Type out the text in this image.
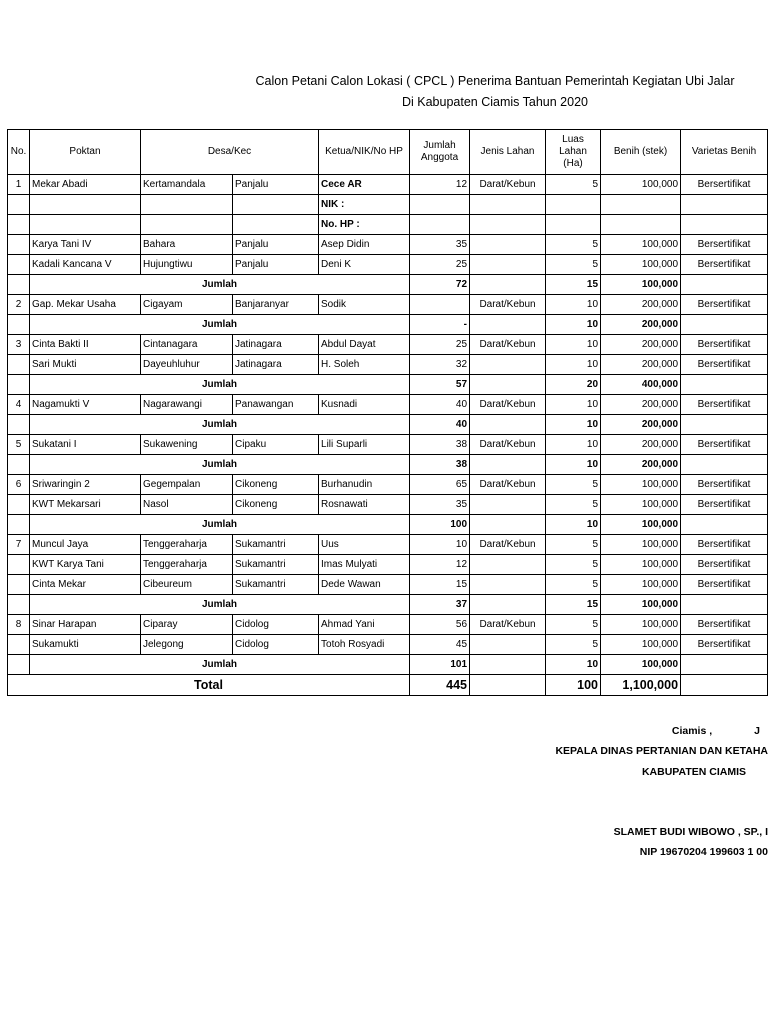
Calon Petani Calon Lokasi ( CPCL ) Penerima Bantuan Pemerintah Kegiatan Ubi Jalar
Di Kabupaten Ciamis Tahun 2020
No.	Poktan	Desa/Kec		Ketua/NIK/No HP	Jumlah Anggota	Jenis Lahan	Luas Lahan (Ha)	Benih (stek)	Varietas Benih
1	Mekar Abadi	Kertamandala	Panjalu	Cece AR	12	Darat/Kebun	5	100,000	Bersertifikat
				NIK :					
				No. HP :					
	Karya Tani IV	Bahara	Panjalu	Asep Didin	35		5	100,000	Bersertifikat
	Kadali Kancana V	Hujungtiwu	Panjalu	Deni K	25		5	100,000	Bersertifikat
	Jumlah				72		15	100,000	
2	Gap. Mekar Usaha	Cigayam	Banjaranyar	Sodik		Darat/Kebun	10	200,000	Bersertifikat
	Jumlah				-		10	200,000	
3	Cinta Bakti II	Cintanagara	Jatinagara	Abdul Dayat	25	Darat/Kebun	10	200,000	Bersertifikat
	Sari Mukti	Dayeuhluhur	Jatinagara	H. Soleh	32		10	200,000	Bersertifikat
	Jumlah				57		20	400,000	
4	Nagamukti V	Nagarawangi	Panawangan	Kusnadi	40	Darat/Kebun	10	200,000	Bersertifikat
	Jumlah				40		10	200,000	
5	Sukatani I	Sukawening	Cipaku	Lili Suparli	38	Darat/Kebun	10	200,000	Bersertifikat
	Jumlah				38		10	200,000	
6	Sriwaringin 2	Gegempalan	Cikoneng	Burhanudin	65	Darat/Kebun	5	100,000	Bersertifikat
	KWT Mekarsari	Nasol	Cikoneng	Rosnawati	35		5	100,000	Bersertifikat
	Jumlah				100		10	100,000	
7	Muncul Jaya	Tenggeraharja	Sukamantri	Uus	10	Darat/Kebun	5	100,000	Bersertifikat
	KWT Karya Tani	Tenggeraharja	Sukamantri	Imas Mulyati	12		5	100,000	Bersertifikat
	Cinta Mekar	Cibeureum	Sukamantri	Dede Wawan	15		5	100,000	Bersertifikat
	Jumlah				37		15	100,000	
8	Sinar Harapan	Ciparay	Cidolog	Ahmad Yani	56	Darat/Kebun	5	100,000	Bersertifikat
	Sukamukti	Jelegong	Cidolog	Totoh Rosyadi	45		5	100,000	Bersertifikat
	Jumlah				101		10	100,000	
Total					445		100	1,100,000	
Ciamis ,	J
KEPALA DINAS PERTANIAN DAN KETAHA
KABUPATEN CIAMIS
SLAMET BUDI WIBOWO , SP., I
NIP 19670204 199603 1 00
